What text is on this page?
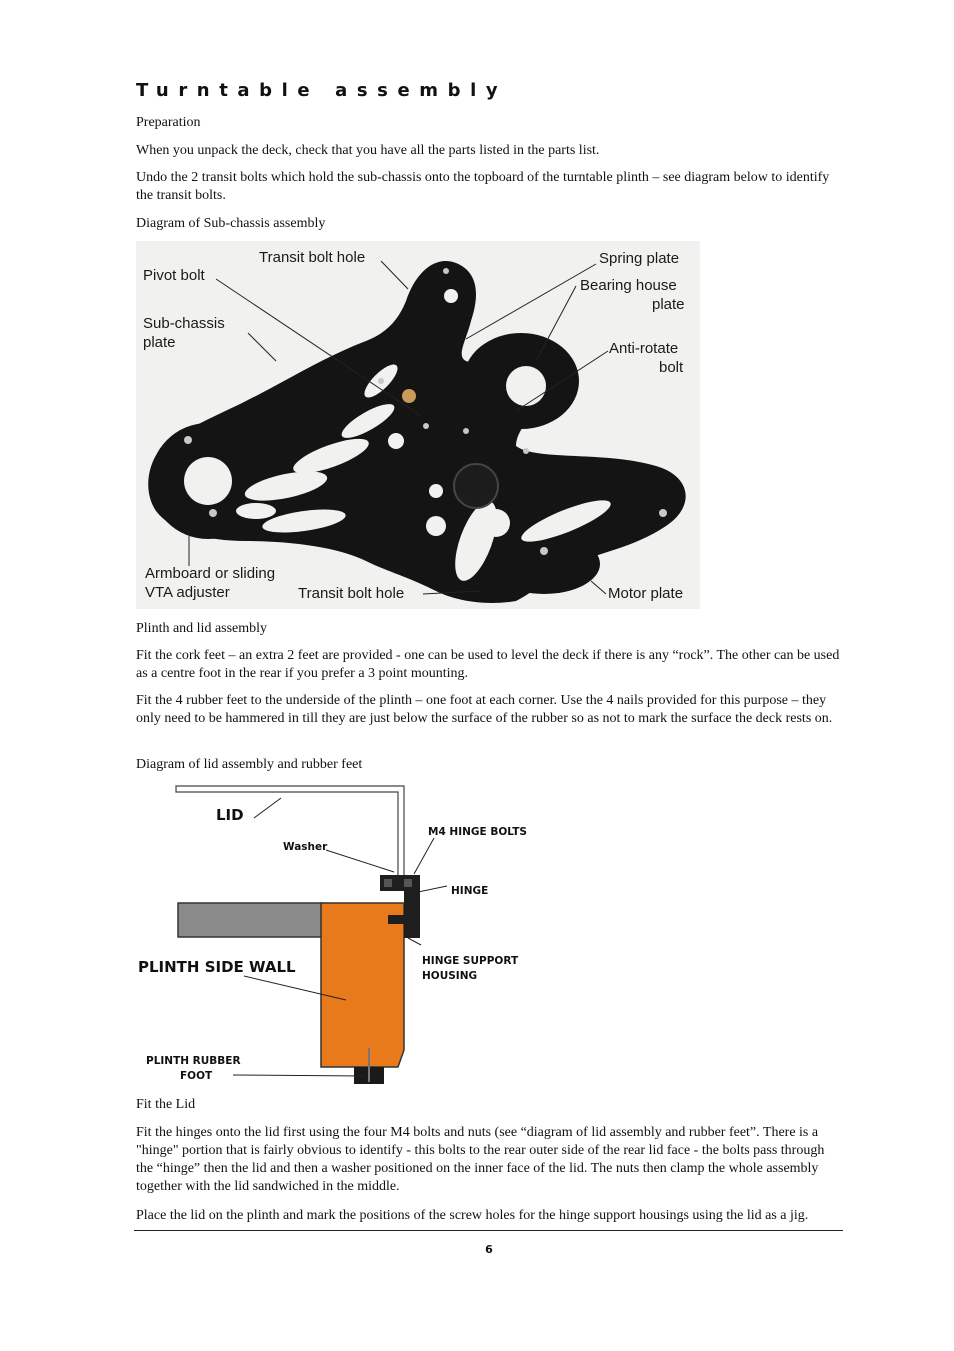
Turntable assembly

Preparation

When you unpack the deck, check that you have all the parts listed in the parts list.

Undo the 2 transit bolts which hold the sub-chassis onto the topboard of the turntable plinth – see diagram below to identify the transit bolts.

Diagram of Sub-chassis assembly

Transit bolt hole
Pivot bolt
Sub-chassis
plate
Spring plate
Bearing house
plate
Anti-rotate
bolt
Armboard or sliding
VTA adjuster	Transit bolt hole	Motor plate

Plinth and lid assembly

Fit the cork feet – an extra 2 feet are provided - one can be used to level the deck if there is any “rock”. The other can be used as a centre foot in the rear if you prefer a 3 point mounting.

Fit the 4 rubber feet to the underside of the plinth – one foot at each corner. Use the 4 nails provided for this purpose – they only need to be hammered in till they are just below the surface of the rubber so as not to mark the surface the deck rests on.

Diagram of lid assembly and rubber feet

LID
Washer
M4 HINGE BOLTS
HINGE
HINGE SUPPORT
HOUSING
PLINTH SIDE WALL
PLINTH RUBBER
FOOT

Fit the Lid

Fit the hinges onto the lid first using the four M4 bolts and nuts (see “diagram of lid assembly and rubber feet”. There is a "hinge" portion that is fairly obvious to identify - this bolts to the rear outer side of the rear lid face - the bolts pass through the “hinge” then the lid and then a washer positioned on the inner face of the lid. The nuts then clamp the whole assembly together with the lid sandwiched in the middle.

Place the lid on the plinth and mark the positions of the screw holes for the hinge support housings using the lid as a jig.

6
